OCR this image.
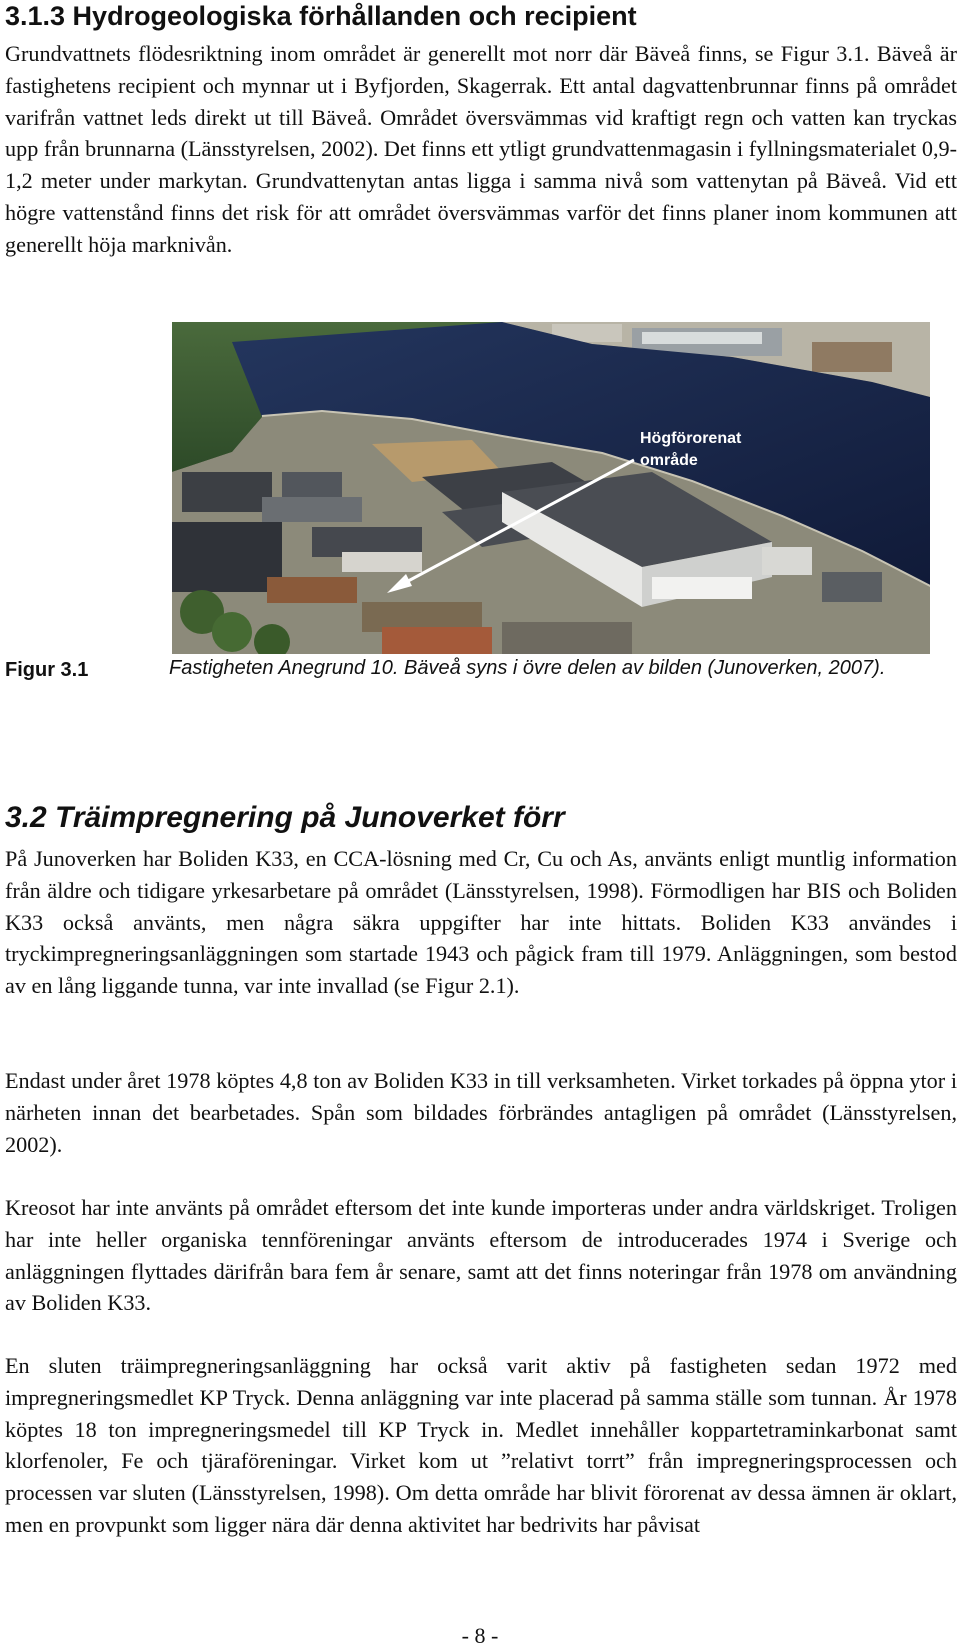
3.1.3 Hydrogeologiska förhållanden och recipient

Grundvattnets flödesriktning inom området är generellt mot norr där Bäveå finns, se Figur 3.1. Bäveå är fastighetens recipient och mynnar ut i Byfjorden, Skagerrak. Ett antal dagvattenbrunnar finns på området varifrån vattnet leds direkt ut till Bäveå. Området översvämmas vid kraftigt regn och vatten kan tryckas upp från brunnarna (Länsstyrelsen, 2002). Det finns ett ytligt grundvattenmagasin i fyllningsmaterialet 0,9-1,2 meter under markytan. Grundvattenytan antas ligga i samma nivå som vattenytan på Bäveå. Vid ett högre vattenstånd finns det risk för att området översvämmas varför det finns planer inom kommunen att generellt höja marknivån.

Högförorenat område
Figur 3.1	Fastigheten Anegrund 10. Bäveå syns i övre delen av bilden (Junoverken, 2007).
3.2 Träimpregnering på Junoverket förr

På Junoverken har Boliden K33, en CCA-lösning med Cr, Cu och As, använts enligt muntlig information från äldre och tidigare yrkesarbetare på området (Länsstyrelsen, 1998). Förmodligen har BIS och Boliden K33 också använts, men några säkra uppgifter har inte hittats. Boliden K33 användes i tryckimpregneringsanläggningen som startade 1943 och pågick fram till 1979. Anläggningen, som bestod av en lång liggande tunna, var inte invallad (se Figur 2.1).

Endast under året 1978 köptes 4,8 ton av Boliden K33 in till verksamheten. Virket torkades på öppna ytor i närheten innan det bearbetades. Spån som bildades förbrändes antagligen på området (Länsstyrelsen, 2002).

Kreosot har inte använts på området eftersom det inte kunde importeras under andra världskriget. Troligen har inte heller organiska tennföreningar använts eftersom de introducerades 1974 i Sverige och anläggningen flyttades därifrån bara fem år senare, samt att det finns noteringar från 1978 om användning av Boliden K33.

En sluten träimpregneringsanläggning har också varit aktiv på fastigheten sedan 1972 med impregneringsmedlet KP Tryck. Denna anläggning var inte placerad på samma ställe som tunnan. År 1978 köptes 18 ton impregneringsmedel till KP Tryck in. Medlet innehåller koppartetraminkarbonat samt klorfenoler, Fe och tjäraföreningar. Virket kom ut ”relativt torrt” från impregneringsprocessen och processen var sluten (Länsstyrelsen, 1998). Om detta område har blivit förorenat av dessa ämnen är oklart, men en provpunkt som ligger nära där denna aktivitet har bedrivits har påvisat

- 8 -
